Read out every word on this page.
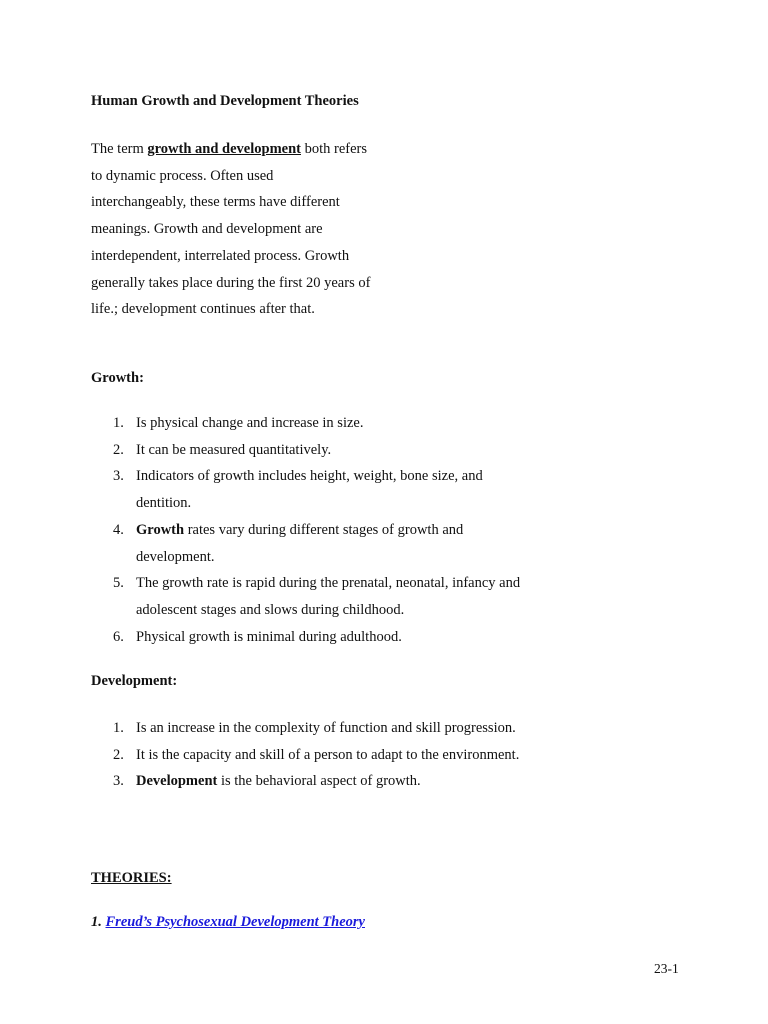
Human Growth and Development Theories

The term growth and development both refers to dynamic process. Often used interchangeably, these terms have different meanings. Growth and development are interdependent, interrelated process. Growth generally takes place during the first 20 years of life.; development continues after that.

Growth:

1. Is physical change and increase in size.
2. It can be measured quantitatively.
3. Indicators of growth includes height, weight, bone size, and dentition.
4. Growth rates vary during different stages of growth and development.
5. The growth rate is rapid during the prenatal, neonatal, infancy and adolescent stages and slows during childhood.
6. Physical growth is minimal during adulthood.

Development:

1. Is an increase in the complexity of function and skill progression.
2. It is the capacity and skill of a person to adapt to the environment.
3. Development is the behavioral aspect of growth.

THEORIES:

1. Freud’s Psychosexual Development Theory

23-1
